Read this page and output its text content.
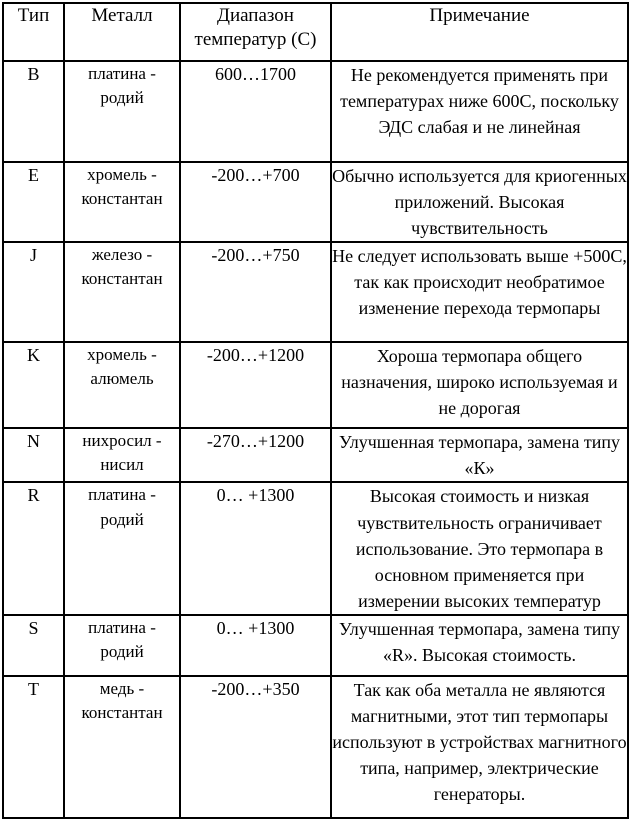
Тип	Металл	Диапазон температур (С)	Примечание

B	платина - родий	600…1700	Не рекомендуется применять при температурах ниже 600С, поскольку ЭДС слабая и не линейная
E	хромель - константан	-200…+700	Обычно используется для криогенных приложений. Высокая чувствительность
J	железо - константан	-200…+750	Не следует использовать выше +500С, так как происходит необратимое изменение перехода термопары
K	хромель - алюмель	-200…+1200	Хороша термопара общего назначения, широко используемая и не дорогая
N	нихросил - нисил	-270…+1200	Улучшенная термопара, замена типу «К»
R	платина - родий	0… +1300	Высокая стоимость и низкая чувствительность ограничивает использование. Это термопара в основном применяется при измерении высоких температур
S	платина - родий	0… +1300	Улучшенная термопара, замена типу «R». Высокая стоимость.
T	медь - константан	-200…+350	Так как оба металла не являются магнитными, этот тип термопары используют в устройствах магнитного типа, например, электрические генераторы.
